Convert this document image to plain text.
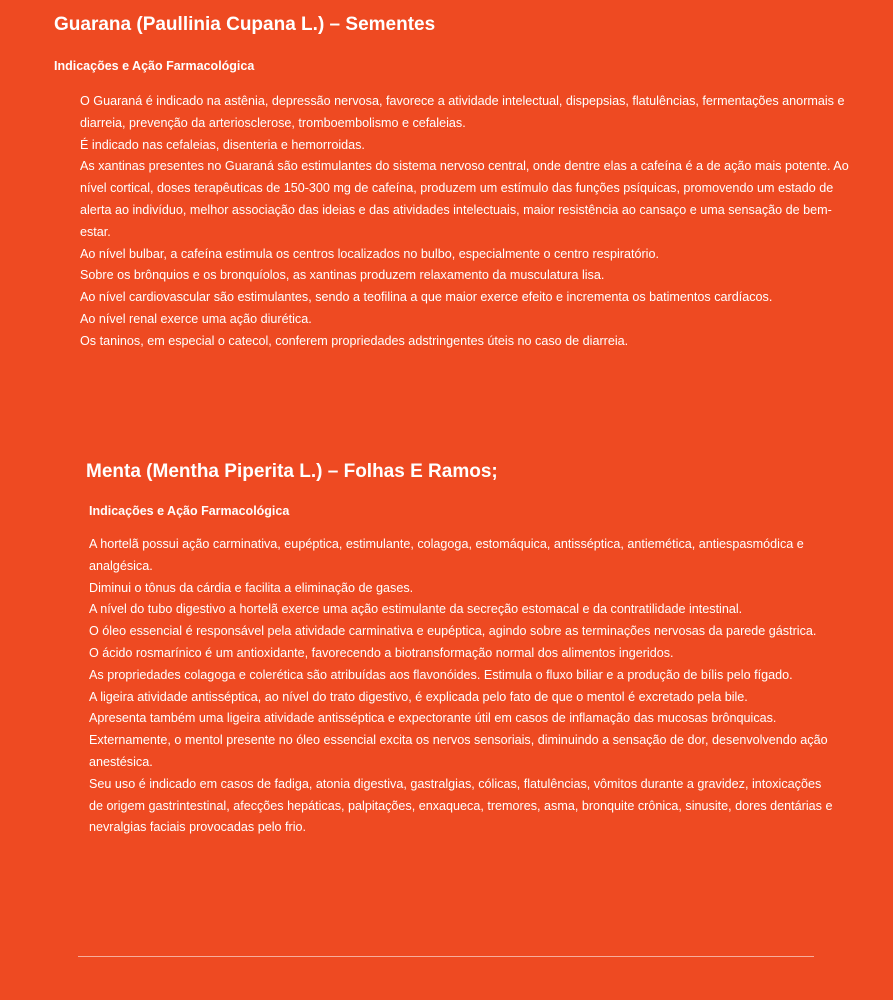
Guarana (Paullinia Cupana L.) – Sementes
Indicações e Ação Farmacológica

O Guaraná é indicado na astênia, depressão nervosa, favorece a atividade intelectual, dispepsias, flatulências, fermentações anormais e diarreia, prevenção da arteriosclerose, tromboembolismo e cefaleias.

É indicado nas cefaleias, disenteria e hemorroidas.

As xantinas presentes no Guaraná são estimulantes do sistema nervoso central, onde dentre elas a cafeína é a de ação mais potente. Ao nível cortical, doses terapêuticas de 150-300 mg de cafeína, produzem um estímulo das funções psíquicas, promovendo um estado de alerta ao indivíduo, melhor associação das ideias e das atividades intelectuais, maior resistência ao cansaço e uma sensação de bem-estar.

Ao nível bulbar, a cafeína estimula os centros localizados no bulbo, especialmente o centro respiratório.

Sobre os brônquios e os bronquíolos, as xantinas produzem relaxamento da musculatura lisa.

Ao nível cardiovascular são estimulantes, sendo a teofilina a que maior exerce efeito e incrementa os batimentos cardíacos.

Ao nível renal exerce uma ação diurética.

Os taninos, em especial o catecol, conferem propriedades adstringentes úteis no caso de diarreia.

Menta (Mentha Piperita L.) – Folhas E Ramos;
Indicações e Ação Farmacológica

A hortelã possui ação carminativa, eupéptica, estimulante, colagoga, estomáquica, antisséptica, antiemética, antiespasmódica e analgésica.

Diminui o tônus da cárdia e facilita a eliminação de gases.

A nível do tubo digestivo a hortelã exerce uma ação estimulante da secreção estomacal e da contratilidade intestinal.

O óleo essencial é responsável pela atividade carminativa e eupéptica, agindo sobre as terminações nervosas da parede gástrica.

O ácido rosmarínico é um antioxidante, favorecendo a biotransformação normal dos alimentos ingeridos.

As propriedades colagoga e colerética são atribuídas aos flavonóides. Estimula o fluxo biliar e a produção de bílis pelo fígado.

A ligeira atividade antisséptica, ao nível do trato digestivo, é explicada pelo fato de que o mentol é excretado pela bile.

Apresenta também uma ligeira atividade antisséptica e expectorante útil em casos de inflamação das mucosas brônquicas.

Externamente, o mentol presente no óleo essencial excita os nervos sensoriais, diminuindo a sensação de dor, desenvolvendo ação anestésica.

Seu uso é indicado em casos de fadiga, atonia digestiva, gastralgias, cólicas, flatulências, vômitos durante a gravidez, intoxicações de origem gastrintestinal, afecções hepáticas, palpitações, enxaqueca, tremores, asma, bronquite crônica, sinusite, dores dentárias e nevralgias faciais provocadas pelo frio.
